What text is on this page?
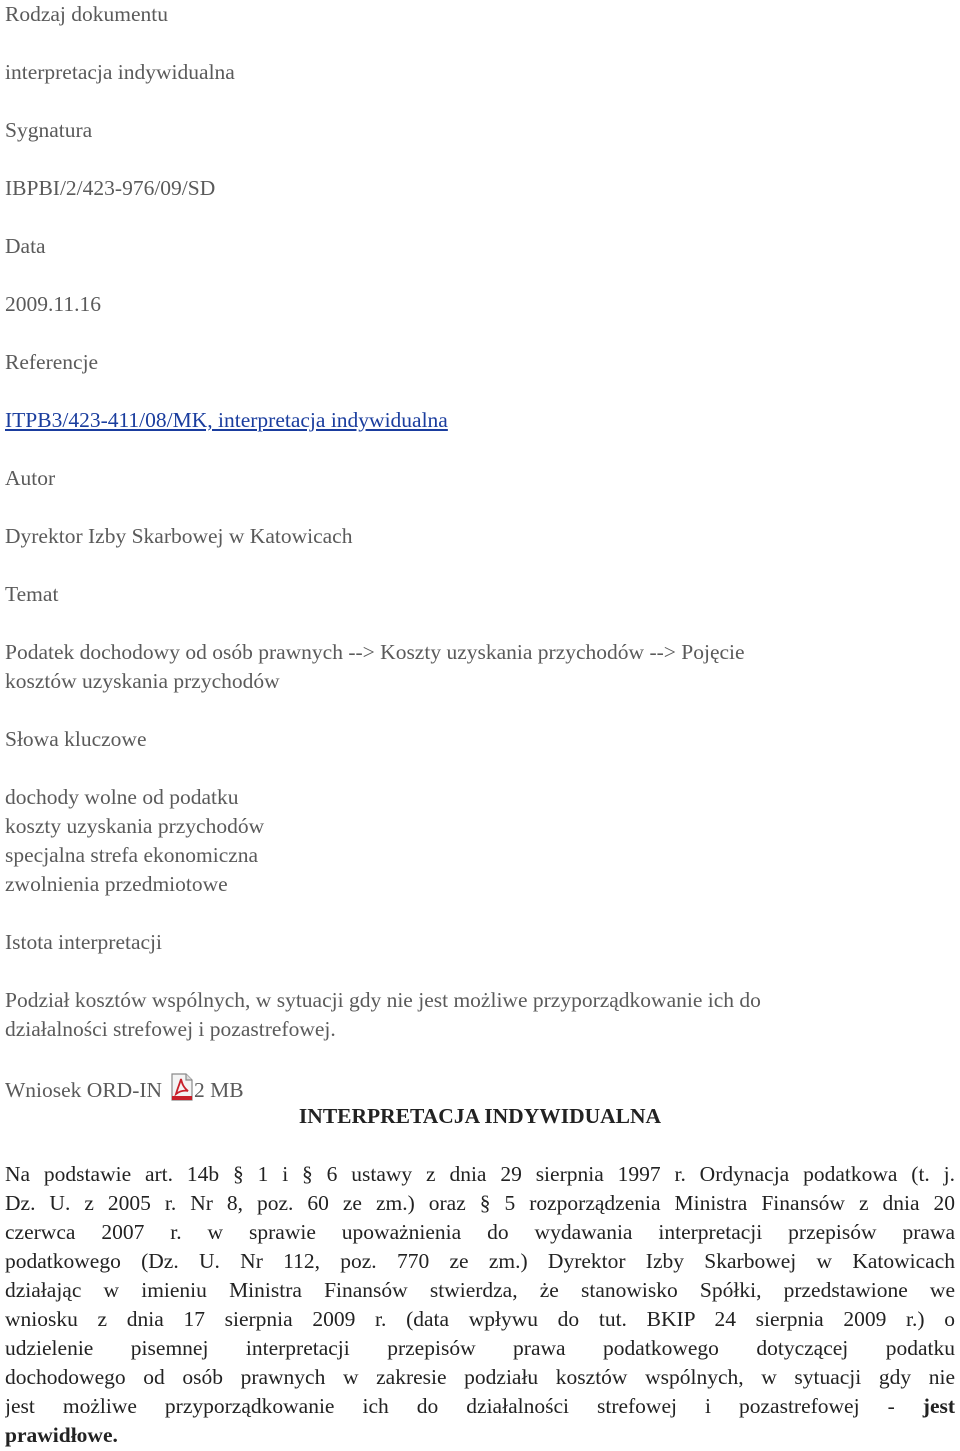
Rodzaj dokumentu
interpretacja indywidualna
Sygnatura
IBPBI/2/423-976/09/SD
Data
2009.11.16
Referencje
ITPB3/423-411/08/MK, interpretacja indywidualna
Autor
Dyrektor Izby Skarbowej w Katowicach
Temat
Podatek dochodowy od osób prawnych --> Koszty uzyskania przychodów --> Pojęcie
kosztów uzyskania przychodów
Słowa kluczowe
dochody wolne od podatku
koszty uzyskania przychodów
specjalna strefa ekonomiczna
zwolnienia przedmiotowe
Istota interpretacji
Podział kosztów wspólnych, w sytuacji gdy nie jest możliwe przyporządkowanie ich do
działalności strefowej i pozastrefowej.
Wniosek ORD-IN 2 MB
INTERPRETACJA INDYWIDUALNA
Na podstawie art. 14b § 1 i § 6 ustawy z dnia 29 sierpnia 1997 r. Ordynacja podatkowa (t. j.
Dz. U. z 2005 r. Nr 8, poz. 60 ze zm.) oraz § 5 rozporządzenia Ministra Finansów z dnia 20
czerwca 2007 r. w sprawie upoważnienia do wydawania interpretacji przepisów prawa
podatkowego (Dz. U. Nr 112, poz. 770 ze zm.) Dyrektor Izby Skarbowej w Katowicach
działając w imieniu Ministra Finansów stwierdza, że stanowisko Spółki, przedstawione we
wniosku z dnia 17 sierpnia 2009 r. (data wpływu do tut. BKIP 24 sierpnia 2009 r.) o
udzielenie pisemnej interpretacji przepisów prawa podatkowego dotyczącej podatku
dochodowego od osób prawnych w zakresie podziału kosztów wspólnych, w sytuacji gdy nie
jest możliwe przyporządkowanie ich do działalności strefowej i pozastrefowej - jest
prawidłowe.
